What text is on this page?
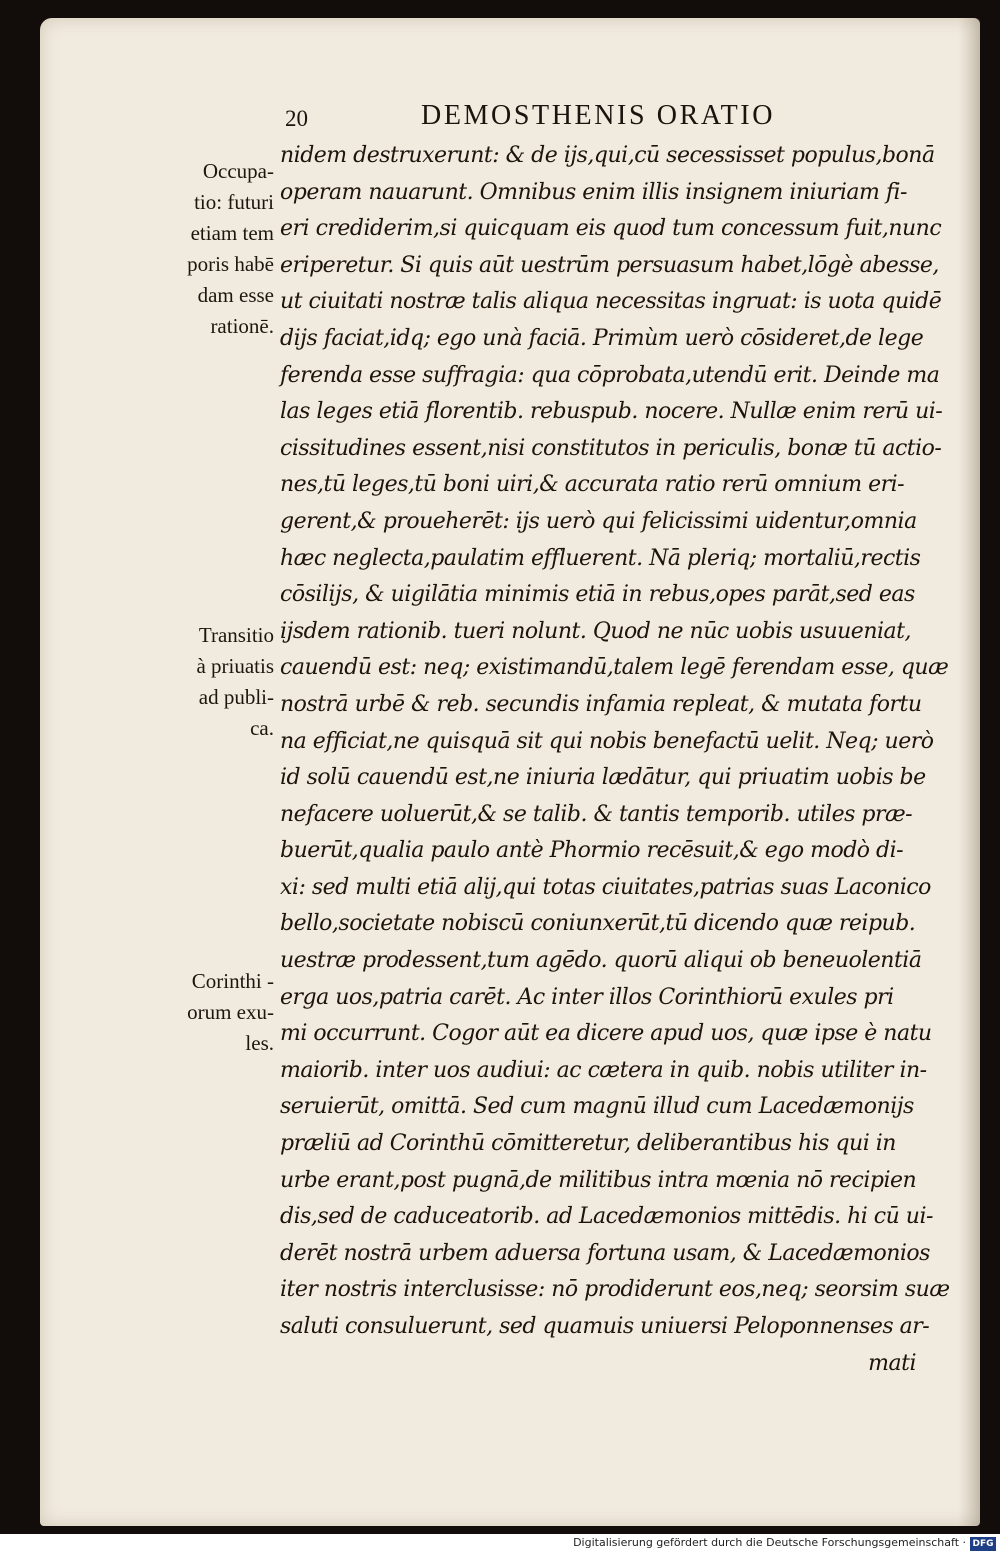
20	DEMOSTHENIS ORATIO
Occupa-
tio: futuri
etiam tem
poris habē
dam esse
rationē.
Transitio
à priuatis
ad publi-
ca.
Corinthi -
orum exu-
les.
nidem destruxerunt: & de ijs,qui,cū secessisset populus,bonā
operam nauarunt. Omnibus enim illis insignem iniuriam fi-
eri crediderim,si quicquam eis quod tum concessum fuit,nunc
eriperetur. Si quis aūt uestrūm persuasum habet,lōgè abesse,
ut ciuitati nostræ talis aliqua necessitas ingruat: is uota quidē
dijs faciat,idq; ego unà faciā. Primùm uerò cōsideret,de lege
ferenda esse suffragia: qua cōprobata,utendū erit. Deinde ma
las leges etiā florentib. rebuspub. nocere. Nullæ enim rerū ui-
cissitudines essent,nisi constitutos in periculis, bonæ tū actio-
nes,tū leges,tū boni uiri,& accurata ratio rerū omnium eri-
gerent,& proueherēt: ijs uerò qui felicissimi uidentur,omnia
hæc neglecta,paulatim effluerent. Nā pleriq; mortaliū,rectis
cōsilijs, & uigilātia minimis etiā in rebus,opes parāt,sed eas
ijsdem rationib. tueri nolunt. Quod ne nūc uobis usuueniat,
cauendū est: neq; existimandū,talem legē ferendam esse, quæ
nostrā urbē & reb. secundis infamia repleat, & mutata fortu
na efficiat,ne quisquā sit qui nobis benefactū uelit. Neq; uerò
id solū cauendū est,ne iniuria lædātur, qui priuatim uobis be
nefacere uoluerūt,& se talib. & tantis temporib. utiles præ-
buerūt,qualia paulo antè Phormio recēsuit,& ego modò di-
xi: sed multi etiā alij,qui totas ciuitates,patrias suas Laconico
bello,societate nobiscū coniunxerūt,tū dicendo quæ reipub.
uestræ prodessent,tum agēdo. quorū aliqui ob beneuolentiā
erga uos,patria carēt. Ac inter illos Corinthiorū exules pri
mi occurrunt. Cogor aūt ea dicere apud uos, quæ ipse è natu
maiorib. inter uos audiui: ac cætera in quib. nobis utiliter in-
seruierūt, omittā. Sed cum magnū illud cum Lacedæmonijs
præliū ad Corinthū cōmitteretur, deliberantibus his qui in
urbe erant,post pugnā,de militibus intra mœnia nō recipien
dis,sed de caduceatorib. ad Lacedæmonios mittēdis. hi cū ui-
derēt nostrā urbem aduersa fortuna usam, & Lacedæmonios
iter nostris interclusisse: nō prodiderunt eos,neq; seorsim suæ
saluti consuluerunt, sed quamuis uniuersi Peloponnenses ar-
mati
Digitalisierung gefördert durch die Deutsche Forschungsgemeinschaft · DFG
